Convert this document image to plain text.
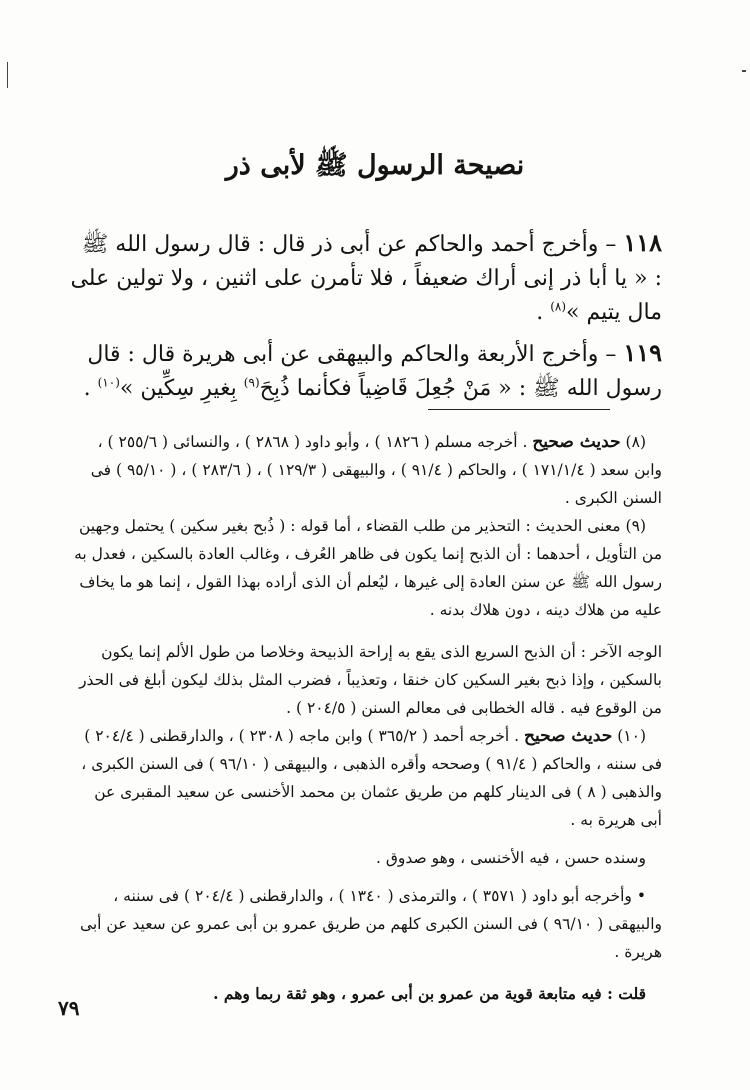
نصيحة الرسول ﷺ لأبى ذر

١١٨ – وأخرج أحمد والحاكم عن أبى ذر قال : قال رسول الله ﷺ : « يا أبا ذر إنى أراك ضعيفاً ، فلا تأمرن على اثنين ، ولا تولين على مال يتيم »$^{(٨)}$ .

١١٩ – وأخرج الأربعة والحاكم والبيهقى عن أبى هريرة قال : قال رسول الله ﷺ : « مَنْ جُعِلَ قَاضِياً فكأنما ذُبِحَ$^{(٩)}$ بِغيرِ سِكِّين »$^{(١٠)}$ .

(٨) حديث صحيح . أخرجه مسلم ( ١٨٢٦ ) ، وأبو داود ( ٢٨٦٨ ) ، والنسائى ( ٢٥٥/٦ ) ، وابن سعد ( ١٧١/١/٤ ) ، والحاكم ( ٩١/٤ ) ، والبيهقى ( ١٢٩/٣ ) ، ( ٢٨٣/٦ ) ، ( ٩٥/١٠ ) فى السنن الكبرى .

(٩) معنى الحديث : التحذير من طلب القضاء ، أما قوله : ( ذُبح بغير سكين ) يحتمل وجهين من التأويل ، أحدهما : أن الذبح إنما يكون فى ظاهر العُرف ، وغالب العادة بالسكين ، فعدل به رسول الله ﷺ عن سنن العادة إلى غيرها ، ليُعلم أن الذى أراده بهذا القول ، إنما هو ما يخاف عليه من هلاك دينه ، دون هلاك بدنه .

الوجه الآخر : أن الذبح السريع الذى يقع به إراحة الذبيحة وخلاصا من طول الألم إنما يكون بالسكين ، وإذا ذبح بغير السكين كان خنقا ، وتعذيباً ، فضرب المثل بذلك ليكون أبلغ فى الحذر من الوقوع فيه . قاله الخطابى فى معالم السنن ( ٢٠٤/٥ ) .

(١٠) حديث صحيح . أخرجه أحمد ( ٣٦٥/٢ ) وابن ماجه ( ٢٣٠٨ ) ، والدارقطنى ( ٢٠٤/٤ ) فى سننه ، والحاكم ( ٩١/٤ ) وصححه وأقره الذهبى ، والبيهقى ( ٩٦/١٠ ) فى السنن الكبرى ، والذهبى ( ٨ ) فى الدينار كلهم من طريق عثمان بن محمد الأخنسى عن سعيد المقبرى عن أبى هريرة به .

وسنده حسن ، فيه الأخنسى ، وهو صدوق .

• وأخرجه أبو داود ( ٣٥٧١ ) ، والترمذى ( ١٣٤٠ ) ، والدارقطنى ( ٢٠٤/٤ ) فى سننه ، والبيهقى ( ٩٦/١٠ ) فى السنن الكبرى كلهم من طريق عمرو بن أبى عمرو عن سعيد عن أبى هريرة .

قلت : فيه متابعة قوية من عمرو بن أبى عمرو ، وهو ثقة ربما وهم .

٧٩
